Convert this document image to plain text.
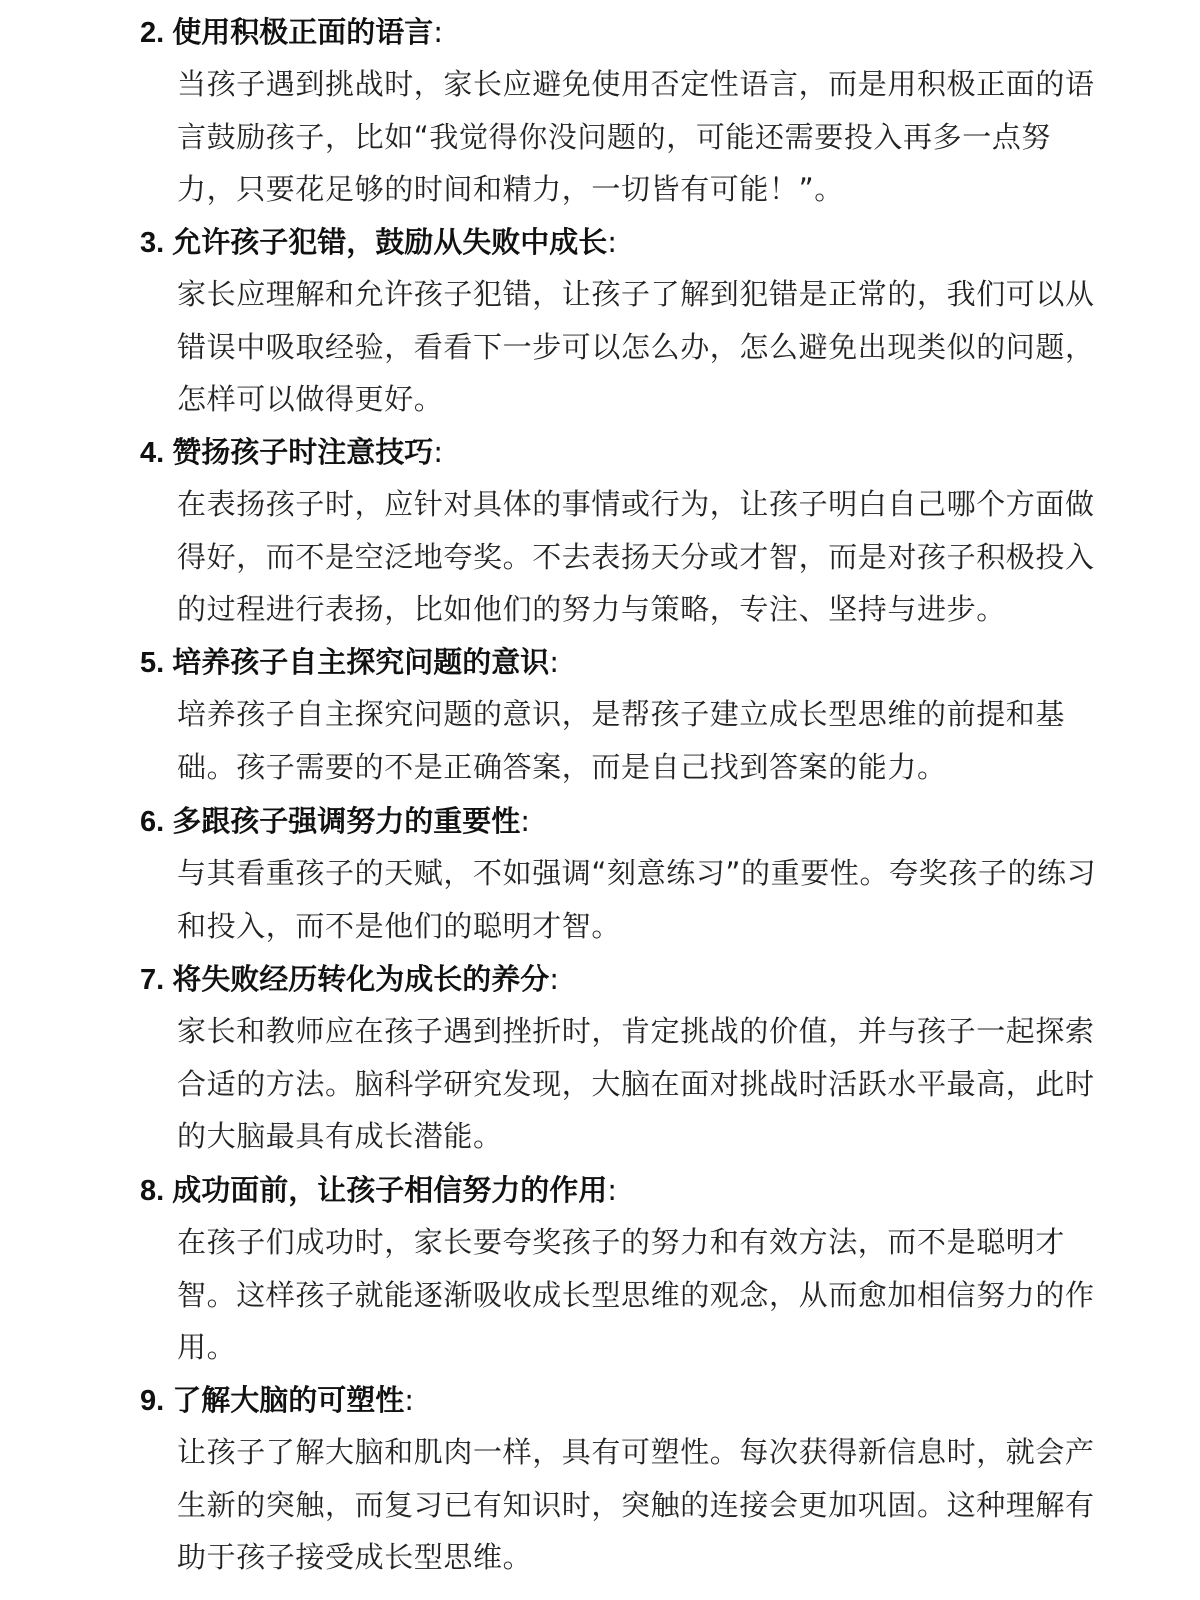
2. 使用积极正面的语言:
当孩子遇到挑战时，家长应避免使用否定性语言，而是用积极正面的语
言鼓励孩子，比如“我觉得你没问题的，可能还需要投入再多一点努
力，只要花足够的时间和精力，一切皆有可能！”。
3. 允许孩子犯错，鼓励从失败中成长:
家长应理解和允许孩子犯错，让孩子了解到犯错是正常的，我们可以从
错误中吸取经验，看看下一步可以怎么办，怎么避免出现类似的问题，
怎样可以做得更好。
4. 赞扬孩子时注意技巧:
在表扬孩子时，应针对具体的事情或行为，让孩子明白自己哪个方面做
得好，而不是空泛地夸奖。不去表扬天分或才智，而是对孩子积极投入
的过程进行表扬，比如他们的努力与策略，专注、坚持与进步。
5. 培养孩子自主探究问题的意识:
培养孩子自主探究问题的意识，是帮孩子建立成长型思维的前提和基
础。孩子需要的不是正确答案，而是自己找到答案的能力。
6. 多跟孩子强调努力的重要性:
与其看重孩子的天赋，不如强调“刻意练习”的重要性。夸奖孩子的练习
和投入，而不是他们的聪明才智。
7. 将失败经历转化为成长的养分:
家长和教师应在孩子遇到挫折时，肯定挑战的价值，并与孩子一起探索
合适的方法。脑科学研究发现，大脑在面对挑战时活跃水平最高，此时
的大脑最具有成长潜能。
8. 成功面前，让孩子相信努力的作用:
在孩子们成功时，家长要夸奖孩子的努力和有效方法，而不是聪明才
智。这样孩子就能逐渐吸收成长型思维的观念，从而愈加相信努力的作
用。
9. 了解大脑的可塑性:
让孩子了解大脑和肌肉一样，具有可塑性。每次获得新信息时，就会产
生新的突触，而复习已有知识时，突触的连接会更加巩固。这种理解有
助于孩子接受成长型思维。
